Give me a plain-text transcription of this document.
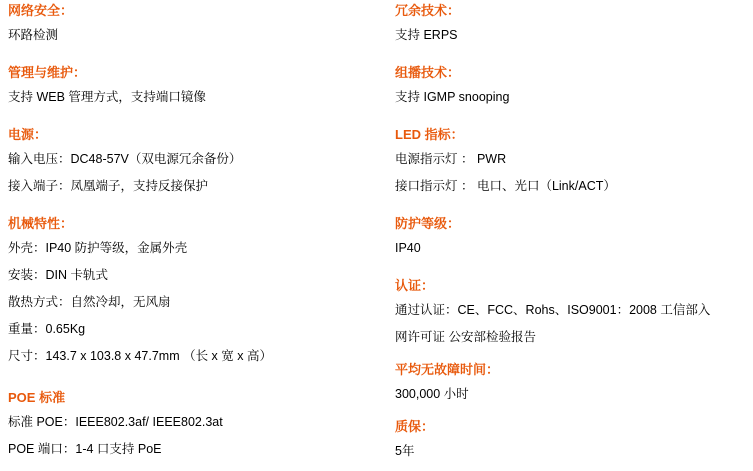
网络安全：
环路检测
管理与维护：
支持 WEB 管理方式，支持端口镜像
电源：
输入电压：DC48-57V（双电源冗余备份）
接入端子：凤凰端子，支持反接保护
机械特性：
外壳：IP40 防护等级，金属外壳
安装：DIN 卡轨式
散热方式：自然冷却，无风扇
重量：0.65Kg
尺寸：143.7 x 103.8 x 47.7mm （长 x 宽 x 高）
POE 标准
标准 POE：IEEE802.3af/ IEEE802.3at
POE 端口：1-4 口支持 PoE
冗余技术：
支持 ERPS
组播技术：
支持 IGMP snooping
LED 指标：
电源指示灯 ： PWR
接口指示灯 ： 电口、光口（Link/ACT）
防护等级：
IP40
认证：
通过认证：CE、FCC、Rohs、ISO9001：2008 工信部入
网许可证 公安部检验报告
平均无故障时间：
300,000 小时
质保：
5年
